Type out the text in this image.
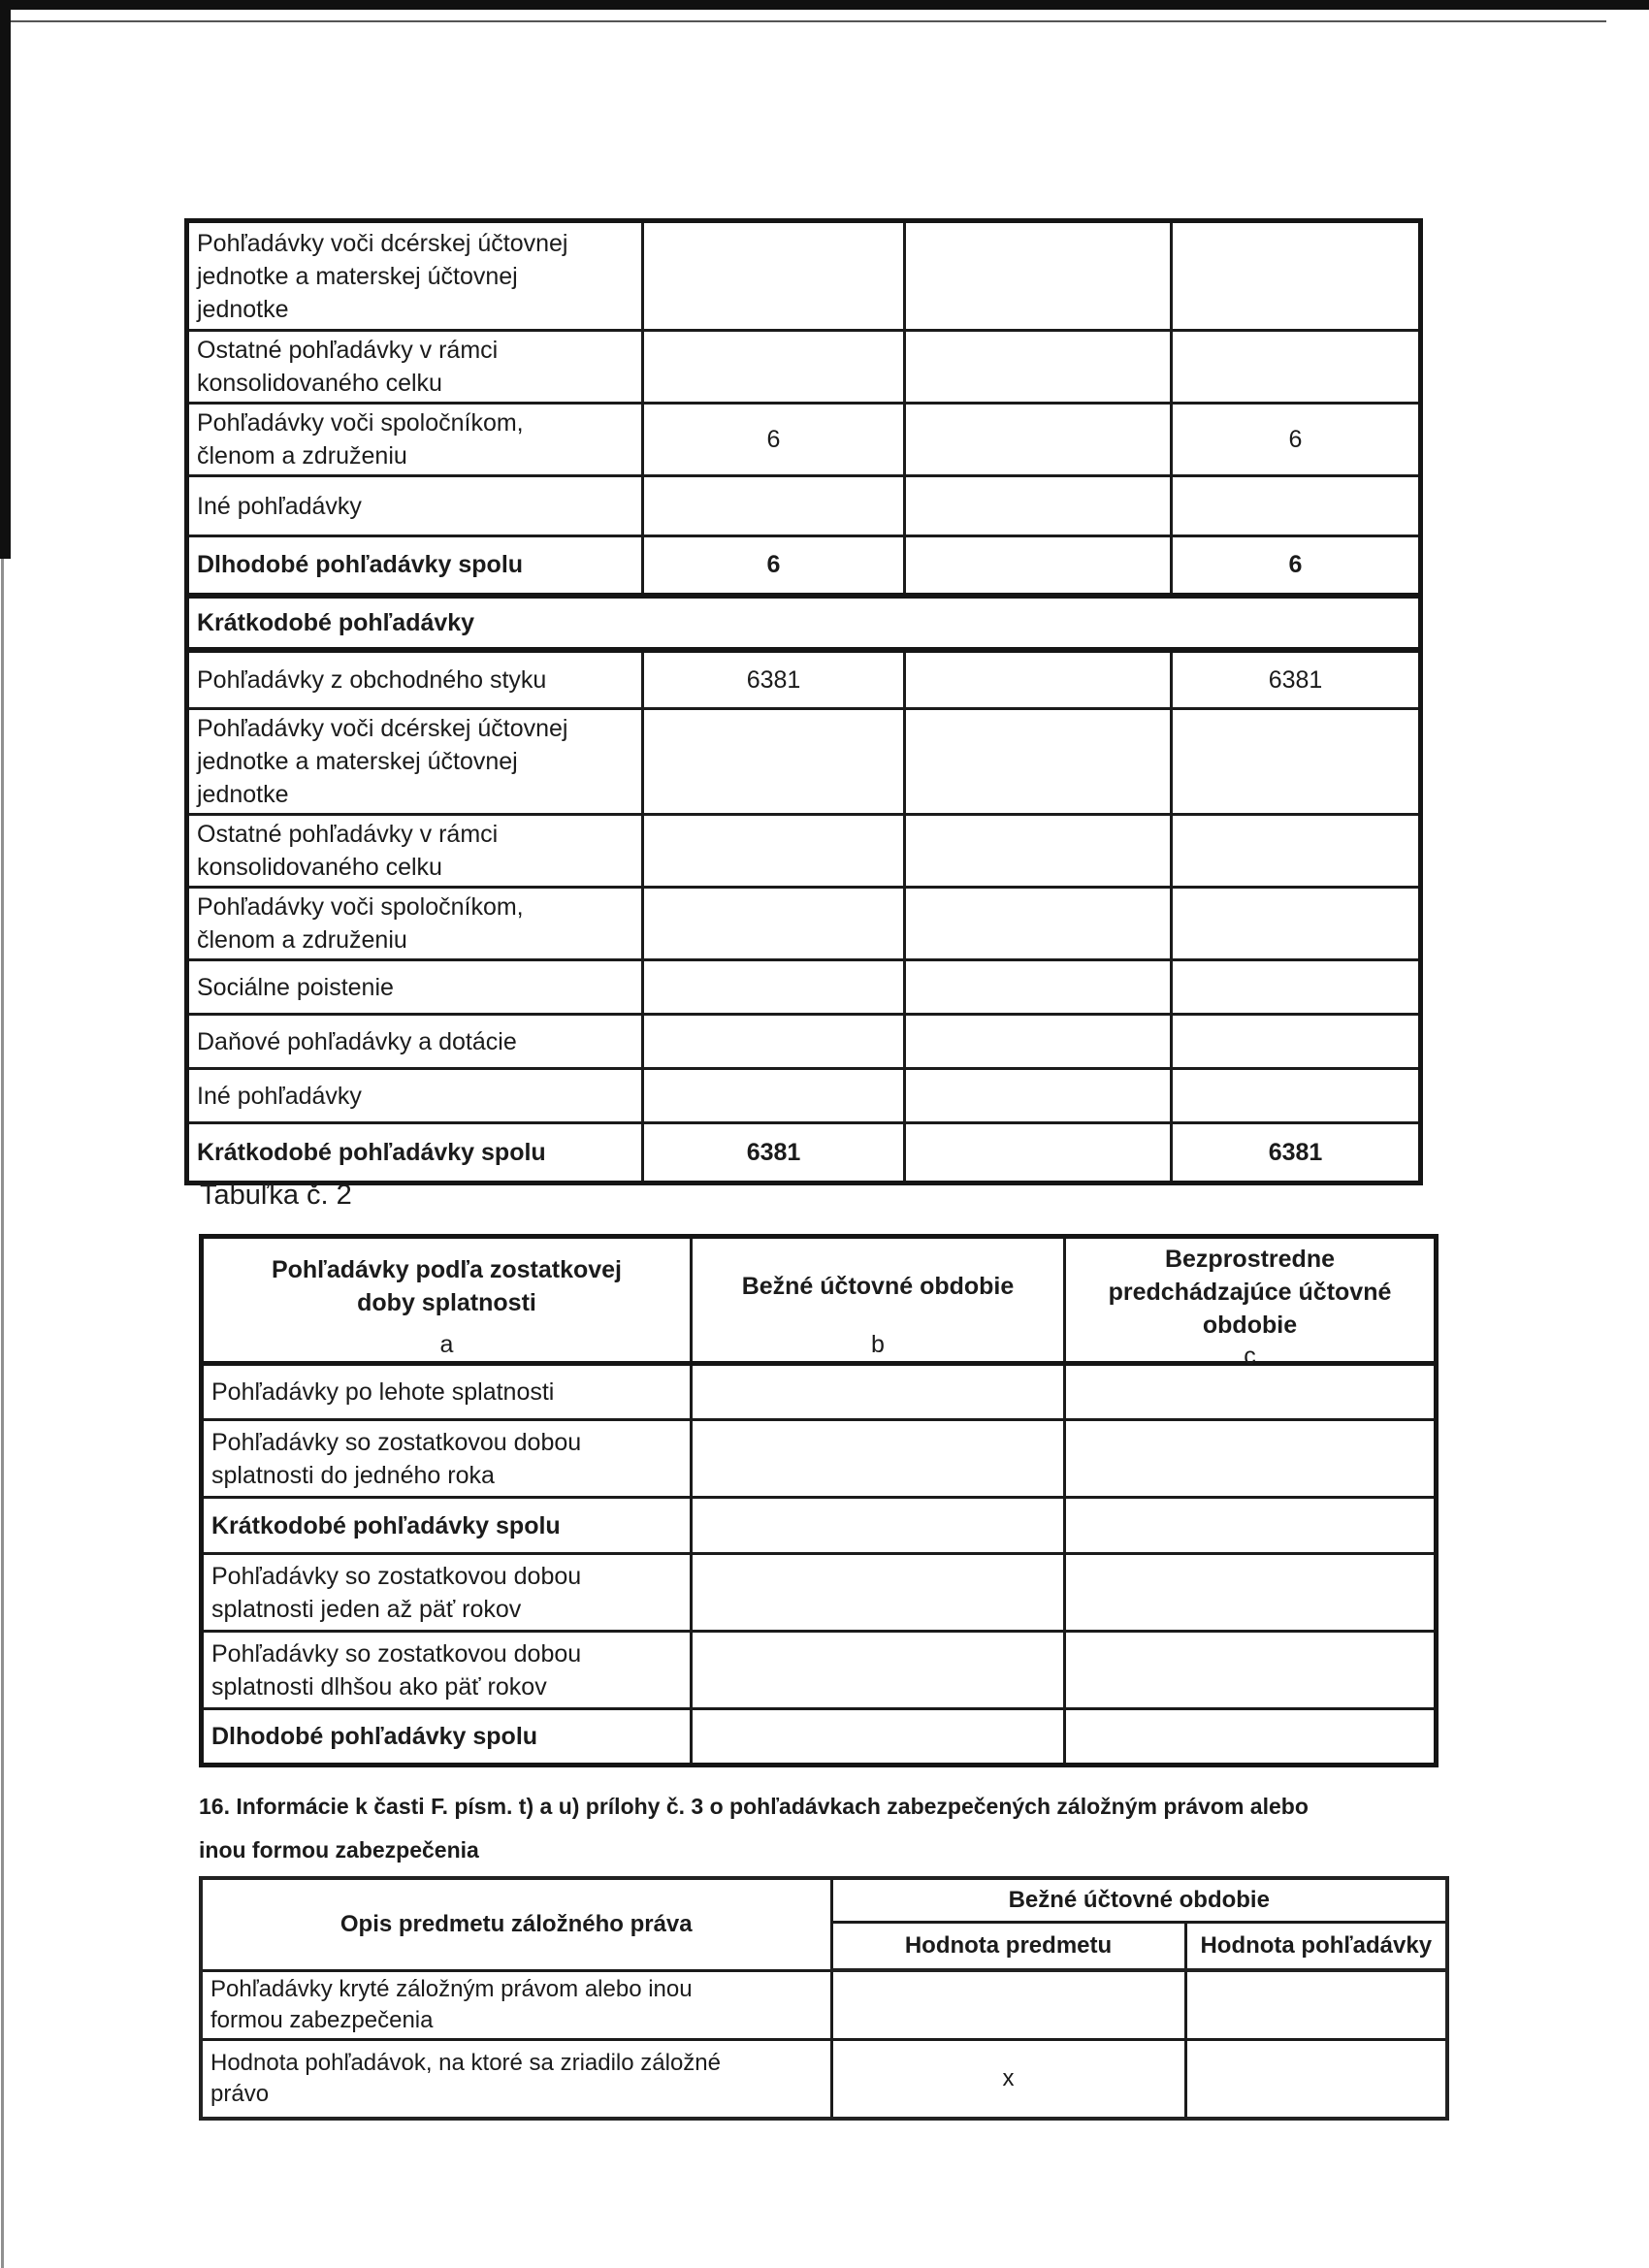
Pohľadávky voči dcérskej účtovnej
jednotke a materskej účtovnej
jednotke			

Ostatné pohľadávky v rámci
konsolidovaného celku			

Pohľadávky voči spoločníkom,
členom a združeniu	6		6

Iné pohľadávky			

Dlhodobé pohľadávky spolu	6		6
Krátkodobé pohľadávky			

Pohľadávky z obchodného styku	6381		6381

Pohľadávky voči dcérskej účtovnej
jednotke a materskej účtovnej
jednotke			

Ostatné pohľadávky v rámci
konsolidovaného celku			

Pohľadávky voči spoločníkom,
členom a združeniu			

Sociálne poistenie			

Daňové pohľadávky a dotácie			

Iné pohľadávky			

Krátkodobé pohľadávky spolu	6381		6381
Tabuľka č. 2
Pohľadávky podľa zostatkovej
doby splatnosti
a

Bežné účtovné obdobie
b

Bezprostredne
predchádzajúce účtovné
obdobie
c

Pohľadávky po lehote splatnosti		

Pohľadávky so zostatkovou dobou
splatnosti do jedného roka		

Krátkodobé pohľadávky spolu		

Pohľadávky so zostatkovou dobou
splatnosti jeden až päť rokov		

Pohľadávky so zostatkovou dobou
splatnosti dlhšou ako päť rokov		

Dlhodobé pohľadávky spolu		

16. Informácie k časti F. písm. t) a u) prílohy č. 3 o pohľadávkach zabezpečených záložným právom alebo
inou formou zabezpečenia
Opis predmetu záložného práva	Bežné účtovné obdobie	
	Hodnota predmetu	Hodnota pohľadávky

Pohľadávky kryté záložným právom alebo inou
formou zabezpečenia		

Hodnota pohľadávok, na ktoré sa zriadilo záložné
právo	x	
